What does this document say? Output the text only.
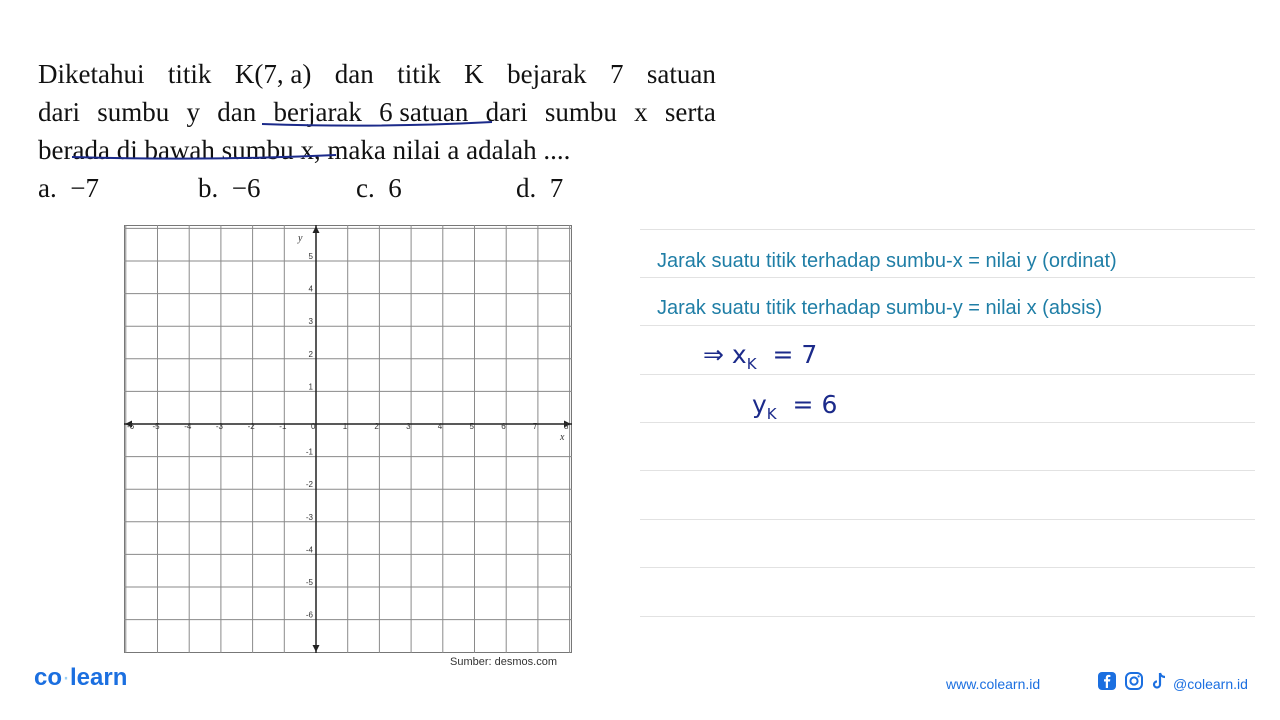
Diketahui titik K(7, a) dan titik K bejarak 7 satuan
dari sumbu y dan berjarak 6 satuan dari sumbu x serta
berada di bawah sumbu x, maka nilai a adalah ....
a. −7	b. −6	c. 6	d. 7
-6 -5	-4	-3	-2	-1	0	1	2	3	4	5	6	7	8
5
4
3
2
1
-1
-2
-3
-4
-5
-6
y
x
Sumber: desmos.com
Jarak suatu titik terhadap sumbu-x = nilai y (ordinat)
Jarak suatu titik terhadap sumbu-y = nilai x (absis)
⇒ $x_K = 7$
$y_K = 6$
co·learn	www.colearn.id	@colearn.id
